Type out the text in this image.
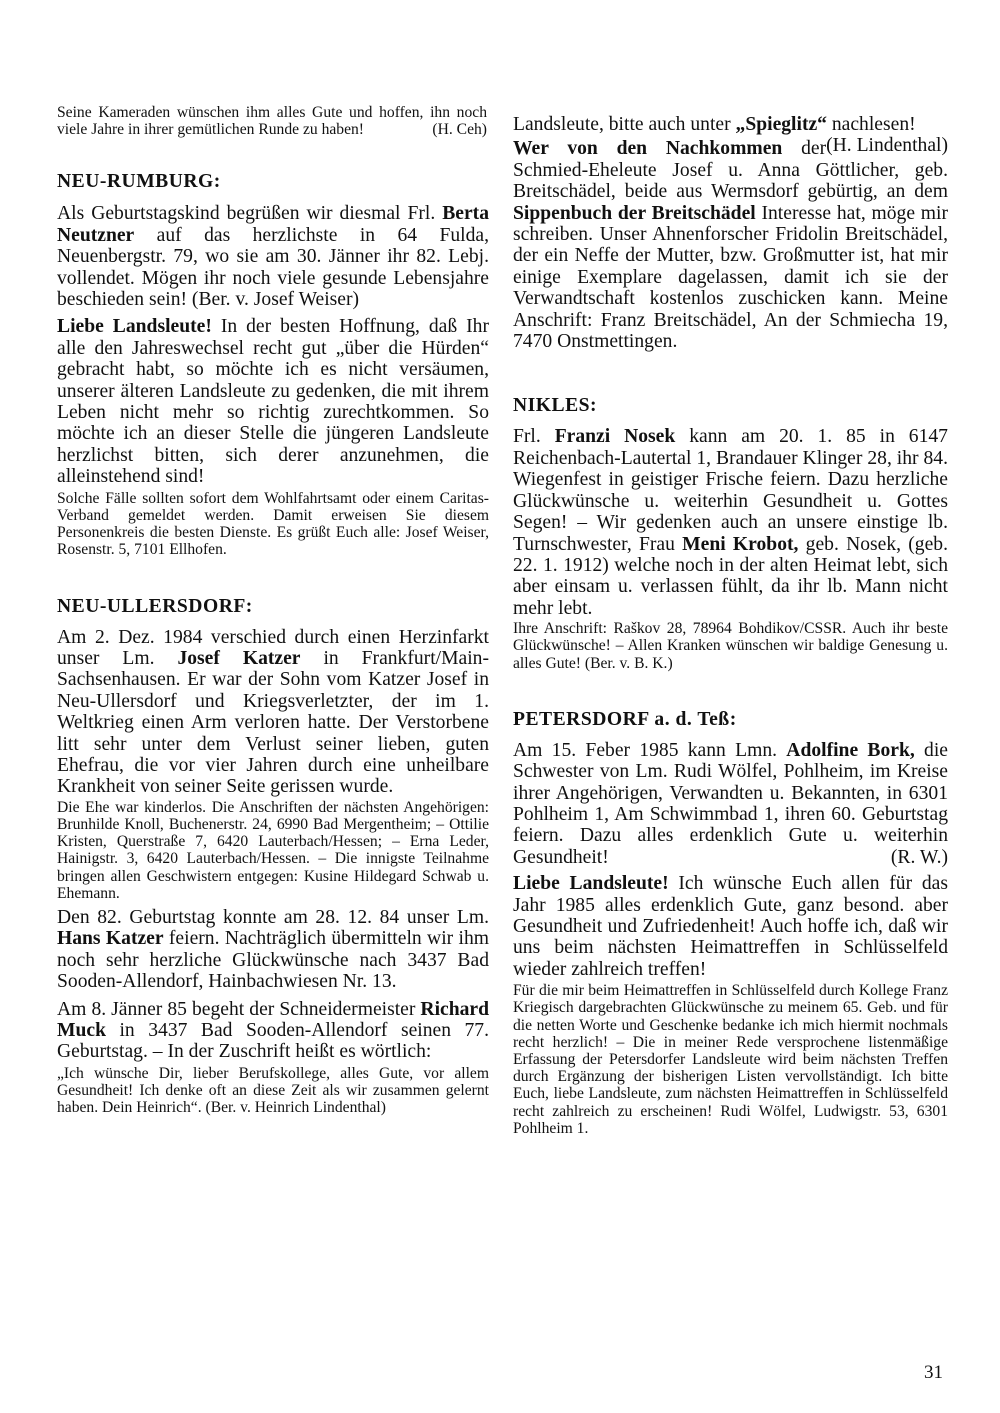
Seine Kameraden wünschen ihm alles Gute und hoffen, ihn noch viele Jahre in ihrer gemütlichen Runde zu haben!	(H. Ceh)

NEU-RUMBURG:

Als Geburtstagskind begrüßen wir diesmal Frl. Berta Neutzner auf das herzlichste in 64 Fulda, Neuenbergstr. 79, wo sie am 30. Jänner ihr 82. Lebj. vollendet. Mögen ihr noch viele gesunde Lebensjahre beschieden sein! (Ber. v. Josef Weiser)

Liebe Landsleute! In der besten Hoffnung, daß Ihr alle den Jahreswechsel recht gut „über die Hürden“ gebracht habt, so möchte ich es nicht versäumen, unserer älteren Landsleute zu gedenken, die mit ihrem Leben nicht mehr so richtig zurechtkommen. So möchte ich an dieser Stelle die jüngeren Landsleute herzlichst bitten, sich derer anzunehmen, die alleinstehend sind!

Solche Fälle sollten sofort dem Wohlfahrtsamt oder einem Caritas-Verband gemeldet werden. Damit erweisen Sie diesem Personenkreis die besten Dienste. Es grüßt Euch alle: Josef Weiser, Rosenstr. 5, 7101 Ellhofen.

NEU-ULLERSDORF:

Am 2. Dez. 1984 verschied durch einen Herzinfarkt unser Lm. Josef Katzer in Frankfurt/Main-Sachsenhausen. Er war der Sohn vom Katzer Josef in Neu-Ullersdorf und Kriegsverletzter, der im 1. Weltkrieg einen Arm verloren hatte. Der Verstorbene litt sehr unter dem Verlust seiner lieben, guten Ehefrau, die vor vier Jahren durch eine unheilbare Krankheit von seiner Seite gerissen wurde.

Die Ehe war kinderlos. Die Anschriften der nächsten Angehörigen: Brunhilde Knoll, Buchenerstr. 24, 6990 Bad Mergentheim; – Ottilie Kristen, Querstraße 7, 6420 Lauterbach/Hessen; – Erna Leder, Hainigstr. 3, 6420 Lauterbach/Hessen. – Die innigste Teilnahme bringen allen Geschwistern entgegen: Kusine Hildegard Schwab u. Ehemann.

Den 82. Geburtstag konnte am 28. 12. 84 unser Lm. Hans Katzer feiern. Nachträglich übermitteln wir ihm noch sehr herzliche Glückwünsche nach 3437 Bad Sooden-Allendorf, Hainbachwiesen Nr. 13.

Am 8. Jänner 85 begeht der Schneidermeister Richard Muck in 3437 Bad Sooden-Allendorf seinen 77. Geburtstag. – In der Zuschrift heißt es wörtlich:

„Ich wünsche Dir, lieber Berufskollege, alles Gute, vor allem Gesundheit! Ich denke oft an diese Zeit als wir zusammen gelernt haben. Dein Heinrich“. (Ber. v. Heinrich Lindenthal)

Landsleute, bitte auch unter „Spieglitz“ nachlesen!
(H. Lindenthal)

Wer von den Nachkommen der Schmied-Eheleute Josef u. Anna Göttlicher, geb. Breitschädel, beide aus Wermsdorf gebürtig, an dem Sippenbuch der Breitschädel Interesse hat, möge mir schreiben. Unser Ahnenforscher Fridolin Breitschädel, der ein Neffe der Mutter, bzw. Großmutter ist, hat mir einige Exemplare dagelassen, damit ich sie der Verwandtschaft kostenlos zuschicken kann. Meine Anschrift: Franz Breitschädel, An der Schmiecha 19, 7470 Onstmettingen.

NIKLES:

Frl. Franzi Nosek kann am 20. 1. 85 in 6147 Reichenbach-Lautertal 1, Brandauer Klinger 28, ihr 84. Wiegenfest in geistiger Frische feiern. Dazu herzliche Glückwünsche u. weiterhin Gesundheit u. Gottes Segen! – Wir gedenken auch an unsere einstige lb. Turnschwester, Frau Meni Krobot, geb. Nosek, (geb. 22. 1. 1912) welche noch in der alten Heimat lebt, sich aber einsam u. verlassen fühlt, da ihr lb. Mann nicht mehr lebt.

Ihre Anschrift: Raškov 28, 78964 Bohdikov/CSSR. Auch ihr beste Glückwünsche! – Allen Kranken wünschen wir baldige Genesung u. alles Gute! (Ber. v. B. K.)

PETERSDORF a. d. Teß:

Am 15. Feber 1985 kann Lmn. Adolfine Bork, die Schwester von Lm. Rudi Wölfel, Pohlheim, im Kreise ihrer Angehörigen, Verwandten u. Bekannten, in 6301 Pohlheim 1, Am Schwimmbad 1, ihren 60. Geburtstag feiern. Dazu alles erdenklich Gute u. weiterhin Gesundheit!	(R. W.)

Liebe Landsleute! Ich wünsche Euch allen für das Jahr 1985 alles erdenklich Gute, ganz besond. aber Gesundheit und Zufriedenheit! Auch hoffe ich, daß wir uns beim nächsten Heimattreffen in Schlüsselfeld wieder zahlreich treffen!

Für die mir beim Heimattreffen in Schlüsselfeld durch Kollege Franz Kriegisch dargebrachten Glückwünsche zu meinem 65. Geb. und für die netten Worte und Geschenke bedanke ich mich hiermit nochmals recht herzlich! – Die in meiner Rede versprochene listenmäßige Erfassung der Petersdorfer Landsleute wird beim nächsten Treffen durch Ergänzung der bisherigen Listen vervollständigt. Ich bitte Euch, liebe Landsleute, zum nächsten Heimattreffen in Schlüsselfeld recht zahlreich zu erscheinen! Rudi Wölfel, Ludwigstr. 53, 6301 Pohlheim 1.

31
